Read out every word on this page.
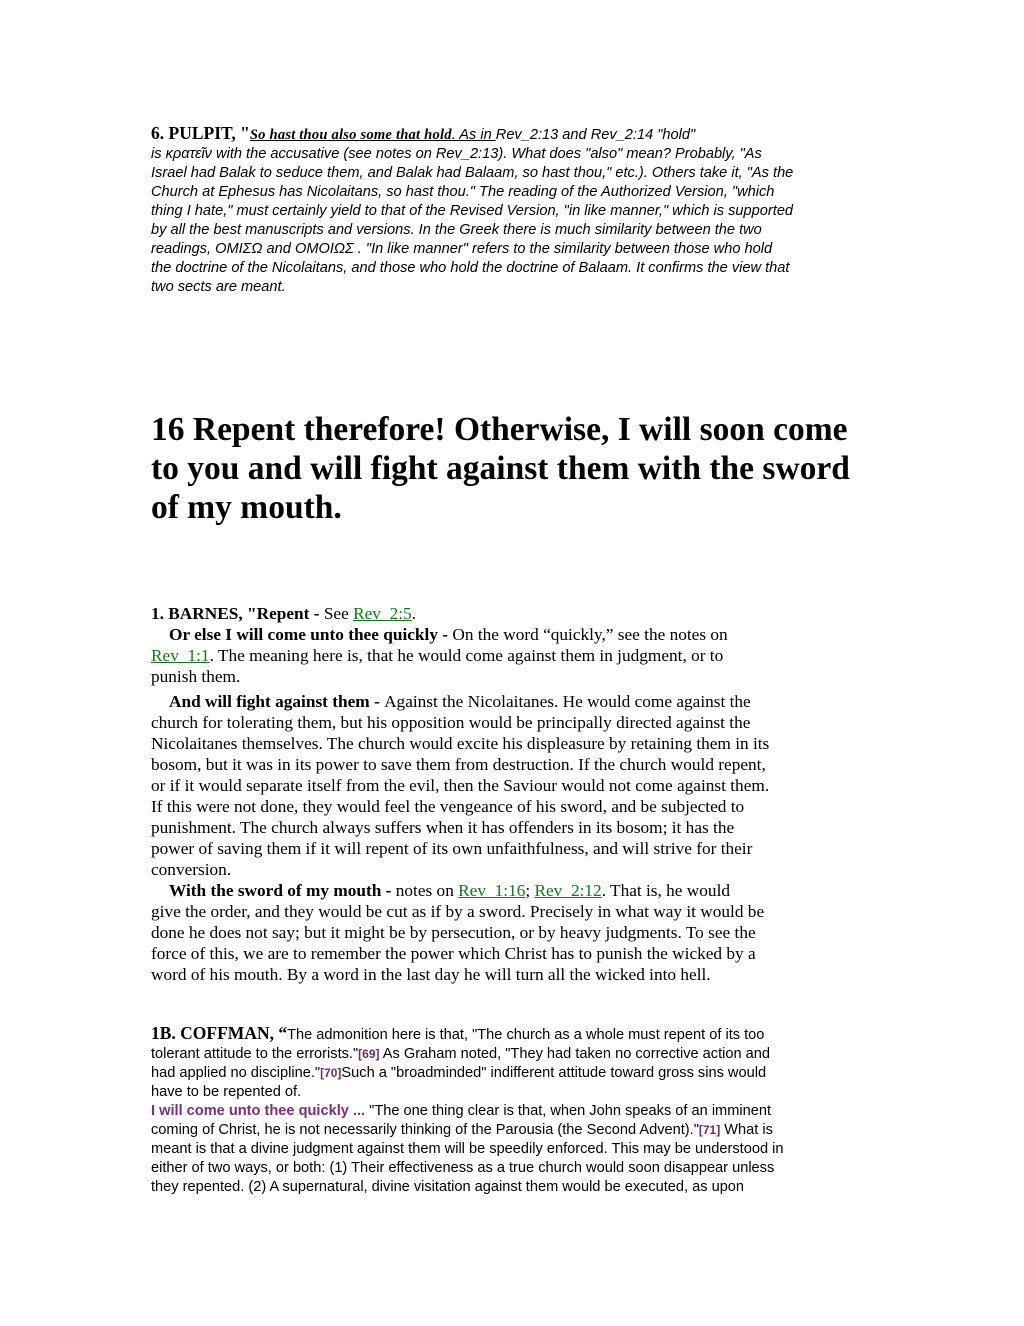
6. PULPIT, "So hast thou also some that hold. As in Rev_2:13 and Rev_2:14 "hold"
is κρατεῖν with the accusative (see notes on Rev_2:13). What does "also" mean? Probably, "As
Israel had Balak to seduce them, and Balak had Balaam, so hast thou," etc.). Others take it, "As the
Church at Ephesus has Nicolaitans, so hast thou." The reading of the Authorized Version, "which
thing I hate," must certainly yield to that of the Revised Version, "in like manner," which is supported
by all the best manuscripts and versions. In the Greek there is much similarity between the two
readings, ΟΜΙΣΩ and ΟΜΟΙΩΣ . "In like manner" refers to the similarity between those who hold
the doctrine of the Nicolaitans, and those who hold the doctrine of Balaam. It confirms the view that
two sects are meant.
16 Repent therefore! Otherwise, I will soon come
to you and will fight against them with the sword
of my mouth.

1. BARNES, "Repent - See Rev_2:5.

Or else I will come unto thee quickly - On the word “quickly,” see the notes on
Rev_1:1. The meaning here is, that he would come against them in judgment, or to
punish them.

And will fight against them - Against the Nicolaitanes. He would come against the
church for tolerating them, but his opposition would be principally directed against the
Nicolaitanes themselves. The church would excite his displeasure by retaining them in its
bosom, but it was in its power to save them from destruction. If the church would repent,
or if it would separate itself from the evil, then the Saviour would not come against them.
If this were not done, they would feel the vengeance of his sword, and be subjected to
punishment. The church always suffers when it has offenders in its bosom; it has the
power of saving them if it will repent of its own unfaithfulness, and will strive for their
conversion.

With the sword of my mouth - notes on Rev_1:16; Rev_2:12. That is, he would
give the order, and they would be cut as if by a sword. Precisely in what way it would be
done he does not say; but it might be by persecution, or by heavy judgments. To see the
force of this, we are to remember the power which Christ has to punish the wicked by a
word of his mouth. By a word in the last day he will turn all the wicked into hell.

1B. COFFMAN, “The admonition here is that, "The church as a whole must repent of its too
tolerant attitude to the errorists."[69] As Graham noted, "They had taken no corrective action and
had applied no discipline."[70]Such a "broadminded" indifferent attitude toward gross sins would
have to be repented of.

I will come unto thee quickly ... "The one thing clear is that, when John speaks of an imminent
coming of Christ, he is not necessarily thinking of the Parousia (the Second Advent)."[71] What is
meant is that a divine judgment against them will be speedily enforced. This may be understood in
either of two ways, or both: (1) Their effectiveness as a true church would soon disappear unless
they repented. (2) A supernatural, divine visitation against them would be executed, as upon
